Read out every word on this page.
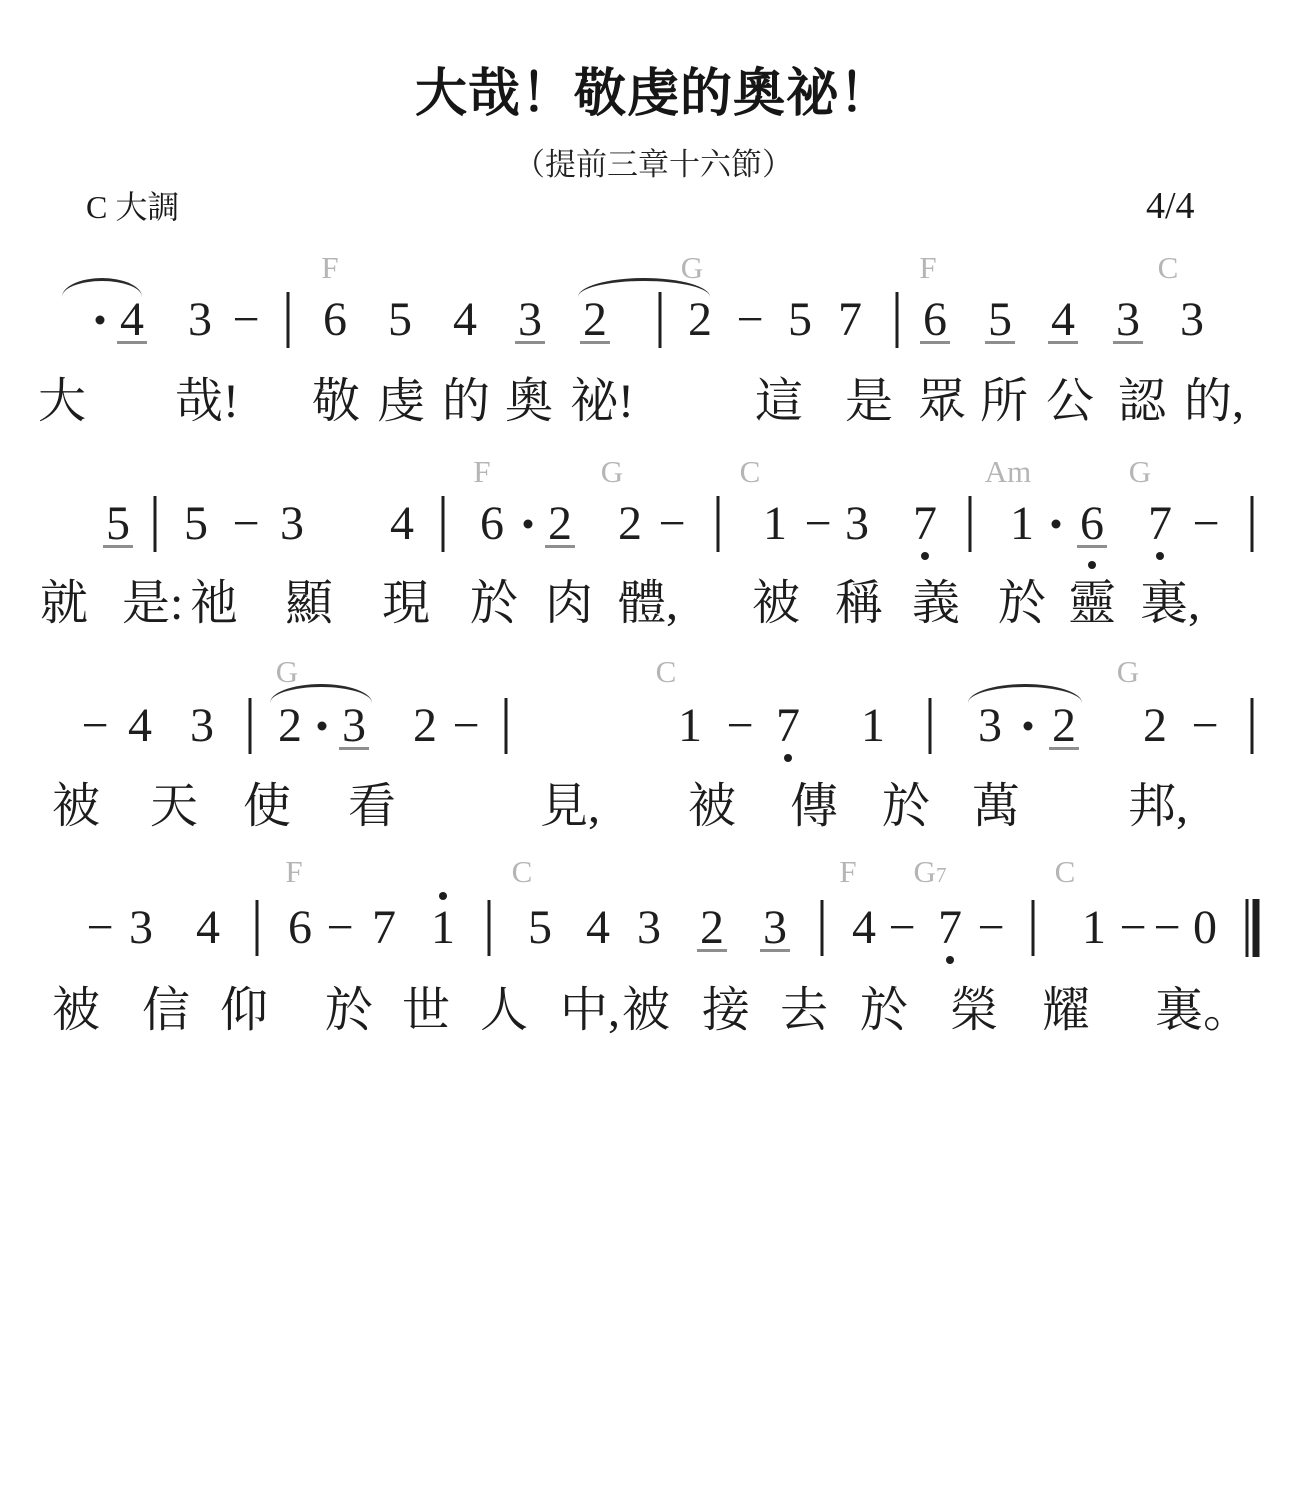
大哉！敬虔的奧祕！
（提前三章十六節）
C 大調	4/4
F	G	F	C
4 3 − 6 5 4 3 2 2 − 5 7 6 5 4 3 3
大 哉! 敬 虔 的 奧 祕!	這 是 眾 所 公 認 的,
F	G	C	Am	G
5 5 − 3 4 6 2 2 − 1 − 3 7 1 6 7 −
就 是: 祂 顯 現 於 肉 體, 被 稱 義 於 靈 裏,
G	C	G
− 4 3 2 3 2 −	1 − 7 1 3 2 2 −
被 天 使 看	見, 被 傳 於 萬 邦,
F	C	F G7	C
− 3 4 6 − 7 1 5 4 3 2 3 4 − 7 − 1 − − 0
被 信 仰 於 世 人 中, 被 接 去 於 榮 耀 裏。
